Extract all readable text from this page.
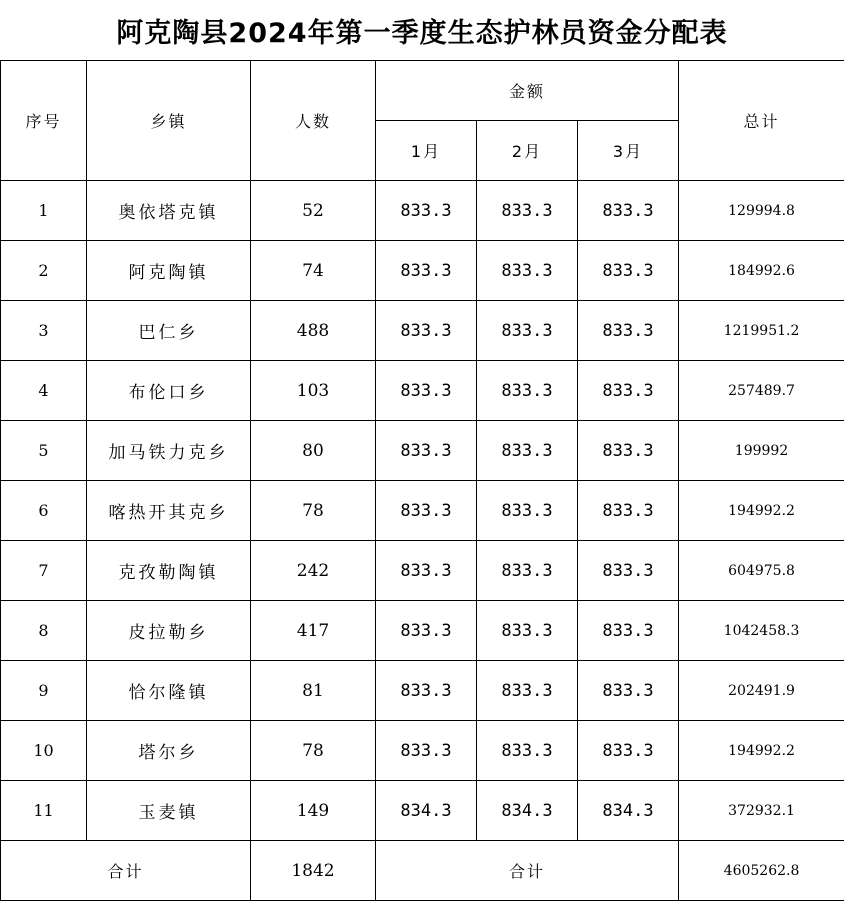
阿克陶县2024年第一季度生态护林员资金分配表
序号	乡镇	人数	金额			总计
			1月	2月	3月	
1	奥依塔克镇	52	833.3	833.3	833.3	129994.8
2	阿克陶镇	74	833.3	833.3	833.3	184992.6
3	巴仁乡	488	833.3	833.3	833.3	1219951.2
4	布伦口乡	103	833.3	833.3	833.3	257489.7
5	加马铁力克乡	80	833.3	833.3	833.3	199992
6	喀热开其克乡	78	833.3	833.3	833.3	194992.2
7	克孜勒陶镇	242	833.3	833.3	833.3	604975.8
8	皮拉勒乡	417	833.3	833.3	833.3	1042458.3
9	恰尔隆镇	81	833.3	833.3	833.3	202491.9
10	塔尔乡	78	833.3	833.3	833.3	194992.2
11	玉麦镇	149	834.3	834.3	834.3	372932.1
合计		1842	合计			4605262.8
